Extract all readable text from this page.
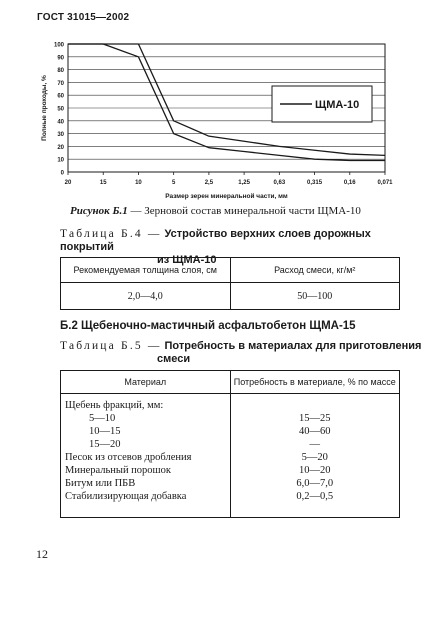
ГОСТ 31015—2002
0
10
20
30
40
50
60
70
80
90
100
20	15	10	5	2,5	1,25	0,63	0,315	0,16	0,071
Размер зерен минеральной части, мм
Полные проходы, %	ЩМА-10
Рисунок Б.1 — Зерновой состав минеральной части ЩМА-10
Таблица Б.4 — Устройство верхних слоев дорожных покрытий
из ЩМА-10
Рекомендуемая толщина слоя, см	Расход смеси, кг/м²
2,0—4,0	50—100
Б.2 Щебеночно-мастичный асфальтобетон ЩМА-15
Таблица Б.5 — Потребность в материалах для приготовления
смеси
Материал	Потребность в материале, % по массе
Щебень фракций, мм:	
5—10	15—25
10—15	40—60
15—20	—
Песок из отсевов дробления	5—20
Минеральный порошок	10—20
Битум или ПБВ	6,0—7,0
Стабилизирующая добавка	0,2—0,5
12
